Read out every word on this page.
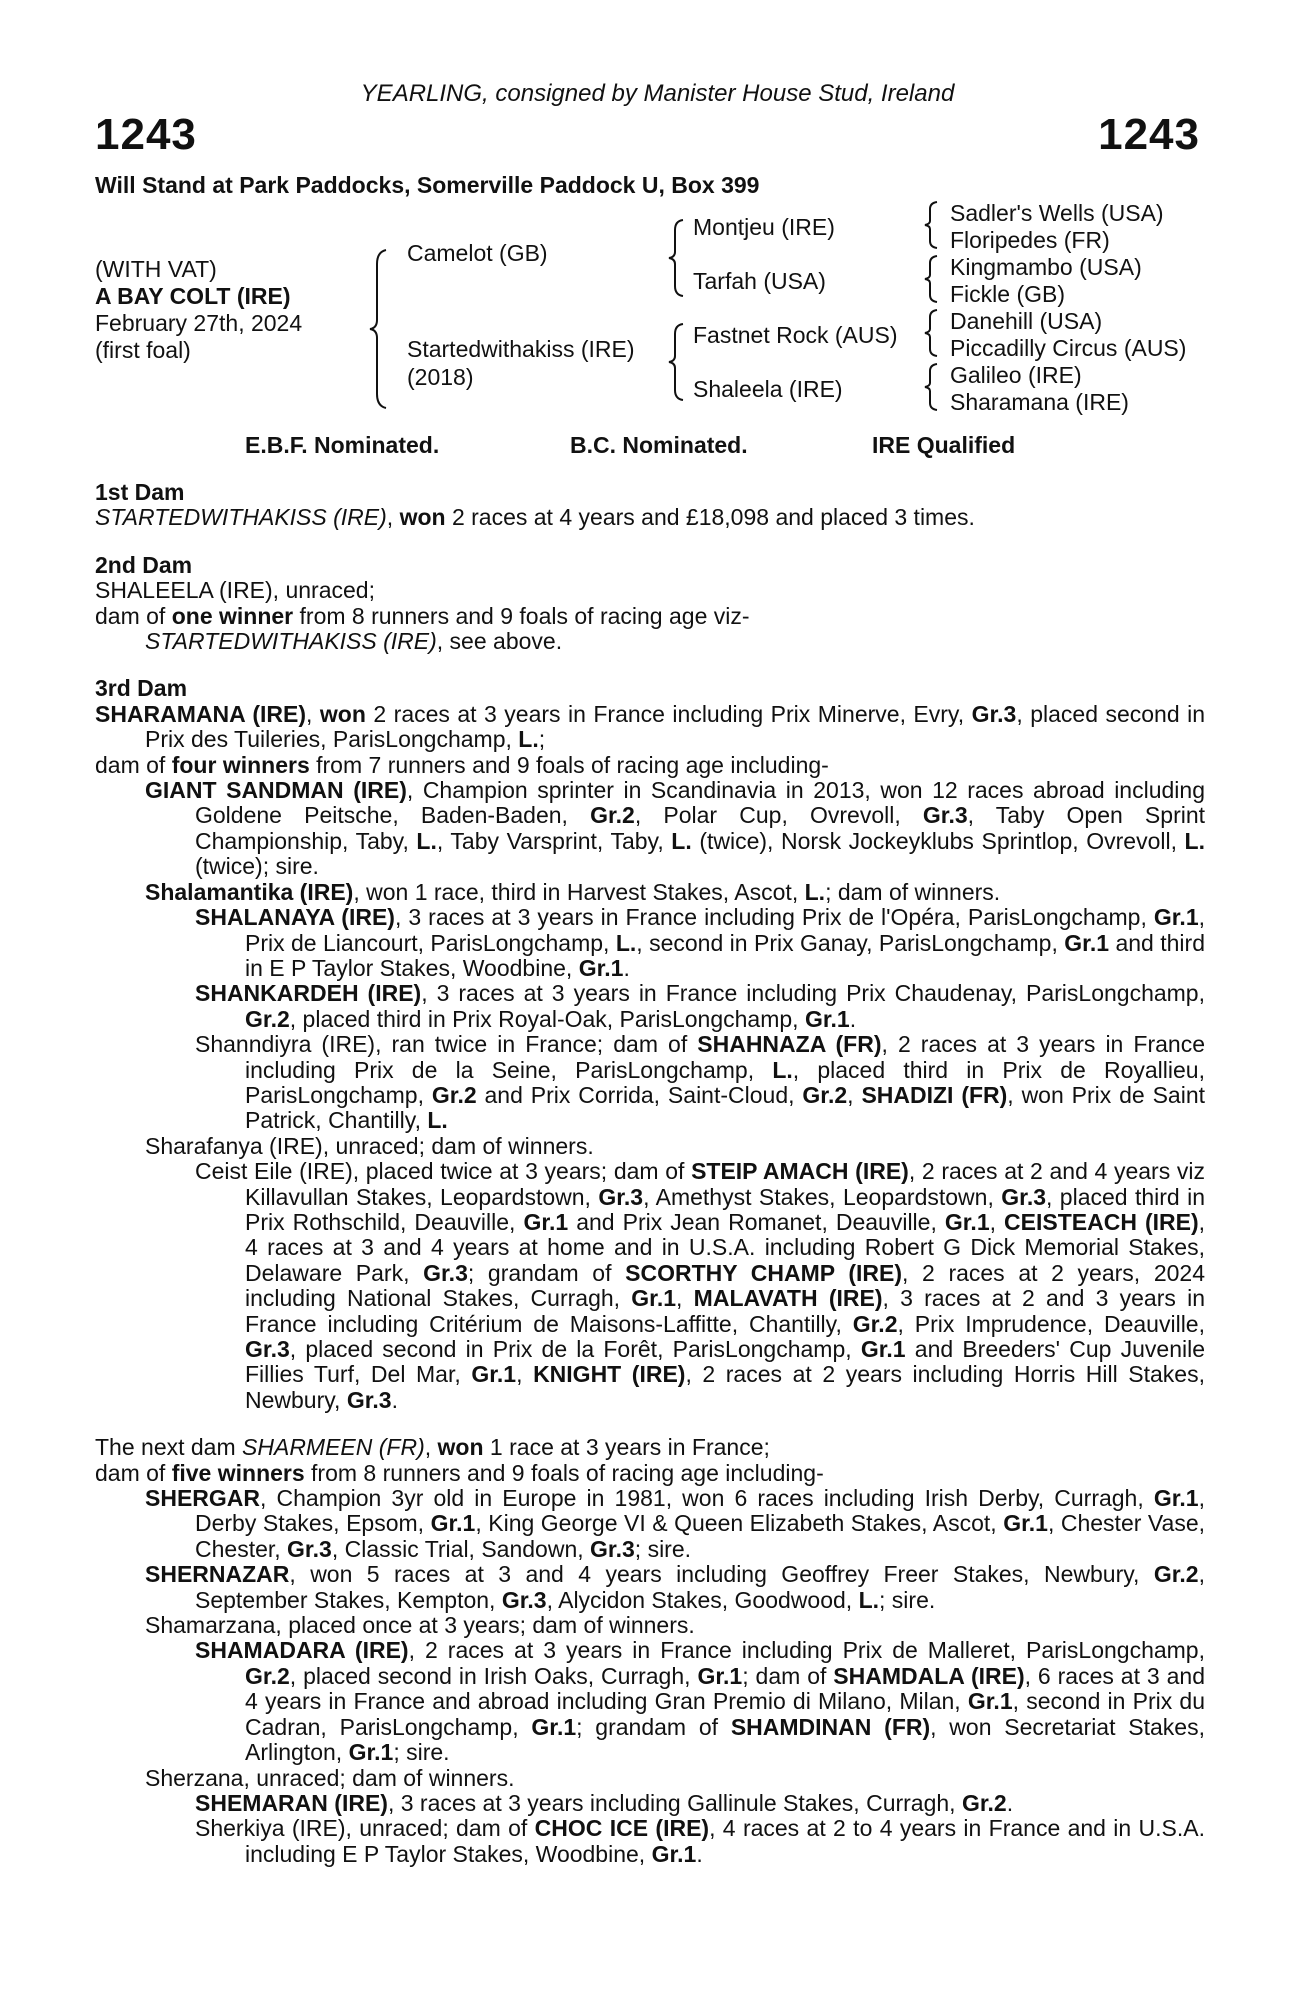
YEARLING, consigned by Manister House Stud, Ireland
1243	1243
Will Stand at Park Paddocks, Somerville Paddock U, Box 399
(WITH VAT)
A BAY COLT (IRE)
February 27th, 2024
(first foal)
Camelot (GB)
Startedwithakiss (IRE)
(2018)
Montjeu (IRE)
Tarfah (USA)
Fastnet Rock (AUS)
Shaleela (IRE)
Sadler's Wells (USA)
Floripedes (FR)
Kingmambo (USA)
Fickle (GB)
Danehill (USA)
Piccadilly Circus (AUS)
Galileo (IRE)
Sharamana (IRE)
E.B.F. Nominated.	B.C. Nominated.	IRE Qualified

1st Dam

STARTEDWITHAKISS (IRE), won 2 races at 4 years and £18,098 and placed 3 times.

2nd Dam

SHALEELA (IRE), unraced;

dam of one winner from 8 runners and 9 foals of racing age viz-

STARTEDWITHAKISS (IRE), see above.

3rd Dam

SHARAMANA (IRE), won 2 races at 3 years in France including Prix Minerve, Evry, Gr.3, placed second in Prix des Tuileries, ParisLongchamp, L.;

dam of four winners from 7 runners and 9 foals of racing age including-

GIANT SANDMAN (IRE), Champion sprinter in Scandinavia in 2013, won 12 races abroad including Goldene Peitsche, Baden-Baden, Gr.2, Polar Cup, Ovrevoll, Gr.3, Taby Open Sprint Championship, Taby, L., Taby Varsprint, Taby, L. (twice), Norsk Jockeyklubs Sprintlop, Ovrevoll, L. (twice); sire.

Shalamantika (IRE), won 1 race, third in Harvest Stakes, Ascot, L.; dam of winners.

SHALANAYA (IRE), 3 races at 3 years in France including Prix de l'Opéra, ParisLongchamp, Gr.1, Prix de Liancourt, ParisLongchamp, L., second in Prix Ganay, ParisLongchamp, Gr.1 and third in E P Taylor Stakes, Woodbine, Gr.1.

SHANKARDEH (IRE), 3 races at 3 years in France including Prix Chaudenay, ParisLongchamp, Gr.2, placed third in Prix Royal-Oak, ParisLongchamp, Gr.1.

Shanndiyra (IRE), ran twice in France; dam of SHAHNAZA (FR), 2 races at 3 years in France including Prix de la Seine, ParisLongchamp, L., placed third in Prix de Royallieu, ParisLongchamp, Gr.2 and Prix Corrida, Saint-Cloud, Gr.2, SHADIZI (FR), won Prix de Saint Patrick, Chantilly, L.

Sharafanya (IRE), unraced; dam of winners.

Ceist Eile (IRE), placed twice at 3 years; dam of STEIP AMACH (IRE), 2 races at 2 and 4 years viz Killavullan Stakes, Leopardstown, Gr.3, Amethyst Stakes, Leopardstown, Gr.3, placed third in Prix Rothschild, Deauville, Gr.1 and Prix Jean Romanet, Deauville, Gr.1, CEISTEACH (IRE), 4 races at 3 and 4 years at home and in U.S.A. including Robert G Dick Memorial Stakes, Delaware Park, Gr.3; grandam of SCORTHY CHAMP (IRE), 2 races at 2 years, 2024 including National Stakes, Curragh, Gr.1, MALAVATH (IRE), 3 races at 2 and 3 years in France including Critérium de Maisons-Laffitte, Chantilly, Gr.2, Prix Imprudence, Deauville, Gr.3, placed second in Prix de la Forêt, ParisLongchamp, Gr.1 and Breeders' Cup Juvenile Fillies Turf, Del Mar, Gr.1, KNIGHT (IRE), 2 races at 2 years including Horris Hill Stakes, Newbury, Gr.3.

The next dam SHARMEEN (FR), won 1 race at 3 years in France;

dam of five winners from 8 runners and 9 foals of racing age including-

SHERGAR, Champion 3yr old in Europe in 1981, won 6 races including Irish Derby, Curragh, Gr.1, Derby Stakes, Epsom, Gr.1, King George VI & Queen Elizabeth Stakes, Ascot, Gr.1, Chester Vase, Chester, Gr.3, Classic Trial, Sandown, Gr.3; sire.

SHERNAZAR, won 5 races at 3 and 4 years including Geoffrey Freer Stakes, Newbury, Gr.2, September Stakes, Kempton, Gr.3, Alycidon Stakes, Goodwood, L.; sire.

Shamarzana, placed once at 3 years; dam of winners.

SHAMADARA (IRE), 2 races at 3 years in France including Prix de Malleret, ParisLongchamp, Gr.2, placed second in Irish Oaks, Curragh, Gr.1; dam of SHAMDALA (IRE), 6 races at 3 and 4 years in France and abroad including Gran Premio di Milano, Milan, Gr.1, second in Prix du Cadran, ParisLongchamp, Gr.1; grandam of SHAMDINAN (FR), won Secretariat Stakes, Arlington, Gr.1; sire.

Sherzana, unraced; dam of winners.

SHEMARAN (IRE), 3 races at 3 years including Gallinule Stakes, Curragh, Gr.2.

Sherkiya (IRE), unraced; dam of CHOC ICE (IRE), 4 races at 2 to 4 years in France and in U.S.A. including E P Taylor Stakes, Woodbine, Gr.1.
